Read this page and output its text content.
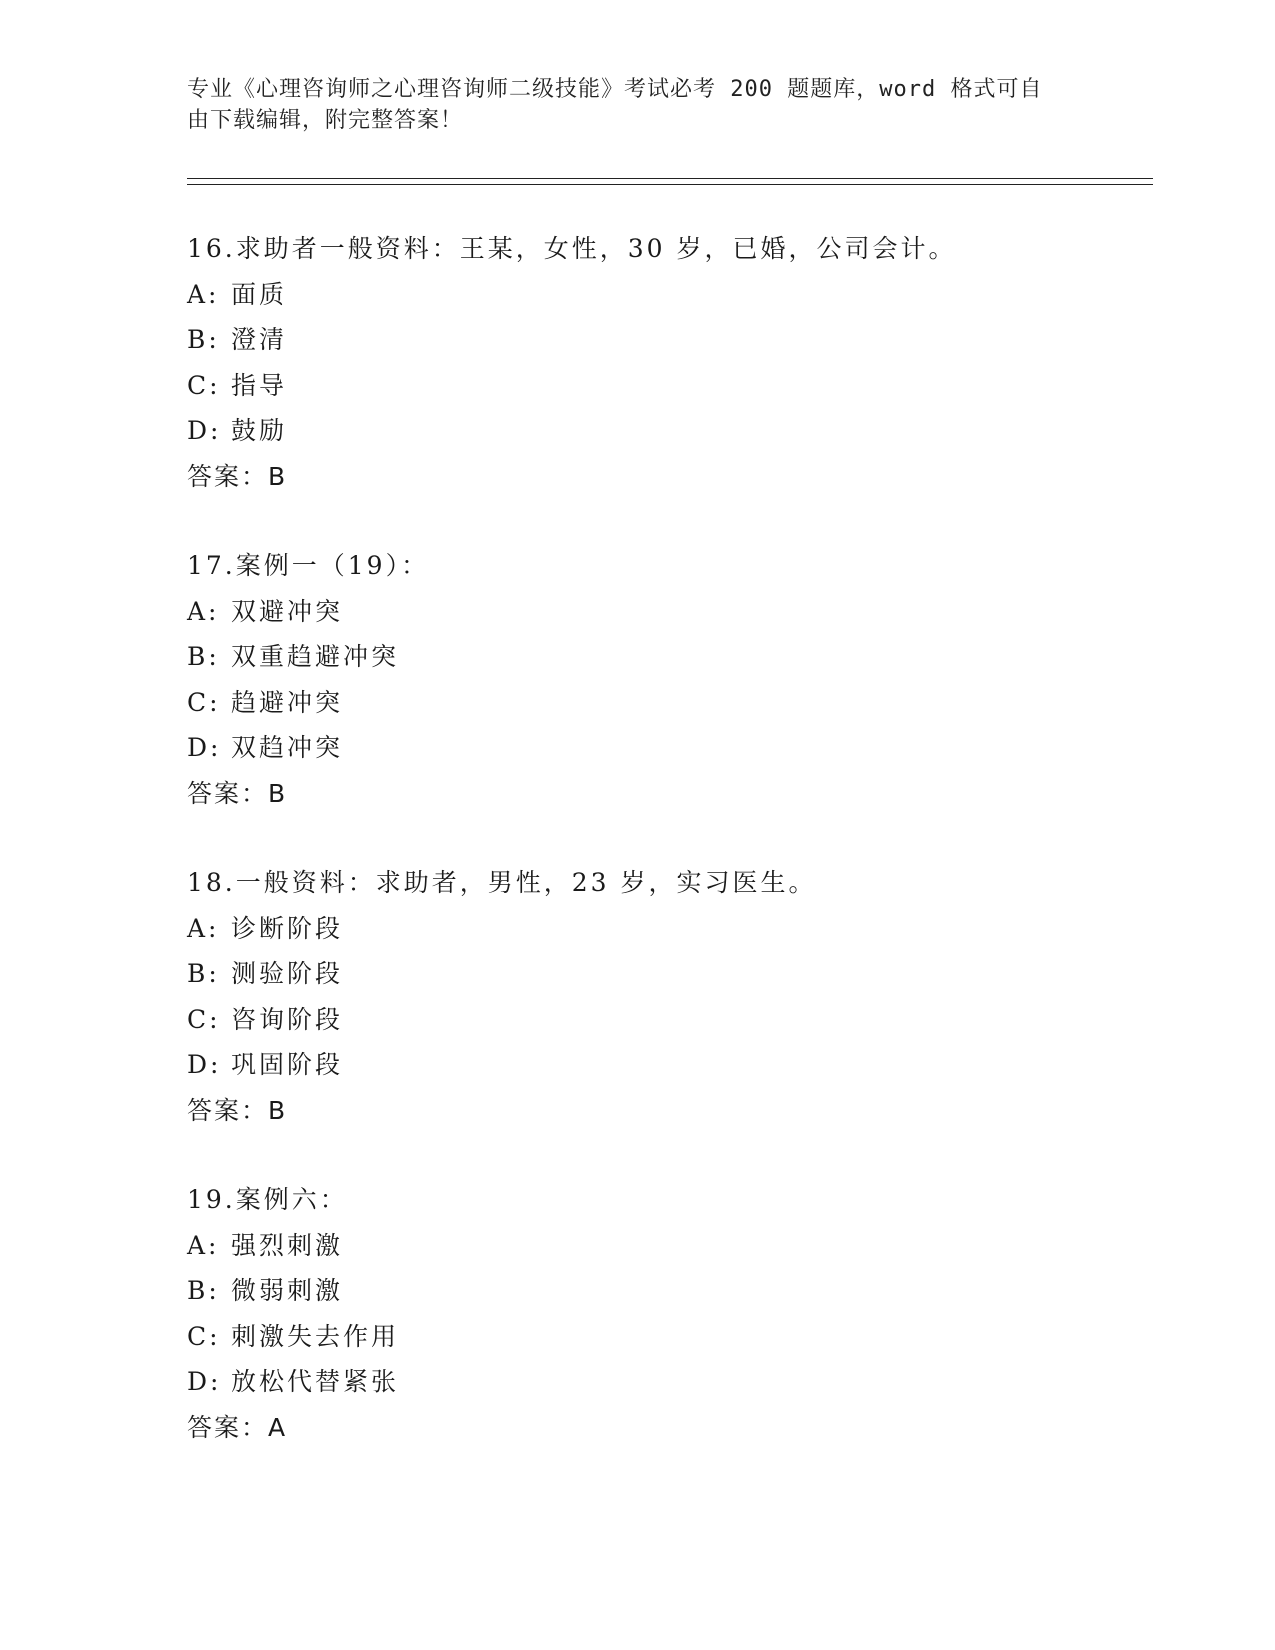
专业《心理咨询师之心理咨询师二级技能》考试必考 200 题题库，word 格式可自
由下载编辑，附完整答案！
16.求助者一般资料：王某，女性，30 岁，已婚，公司会计。
A: 面质
B: 澄清
C: 指导
D: 鼓励
答案：B
17.案例一（19）：
A: 双避冲突
B: 双重趋避冲突
C: 趋避冲突
D: 双趋冲突
答案：B
18.一般资料：求助者，男性，23 岁，实习医生。
A: 诊断阶段
B: 测验阶段
C: 咨询阶段
D: 巩固阶段
答案：B
19.案例六：
A: 强烈刺激
B: 微弱刺激
C: 刺激失去作用
D: 放松代替紧张
答案：A
